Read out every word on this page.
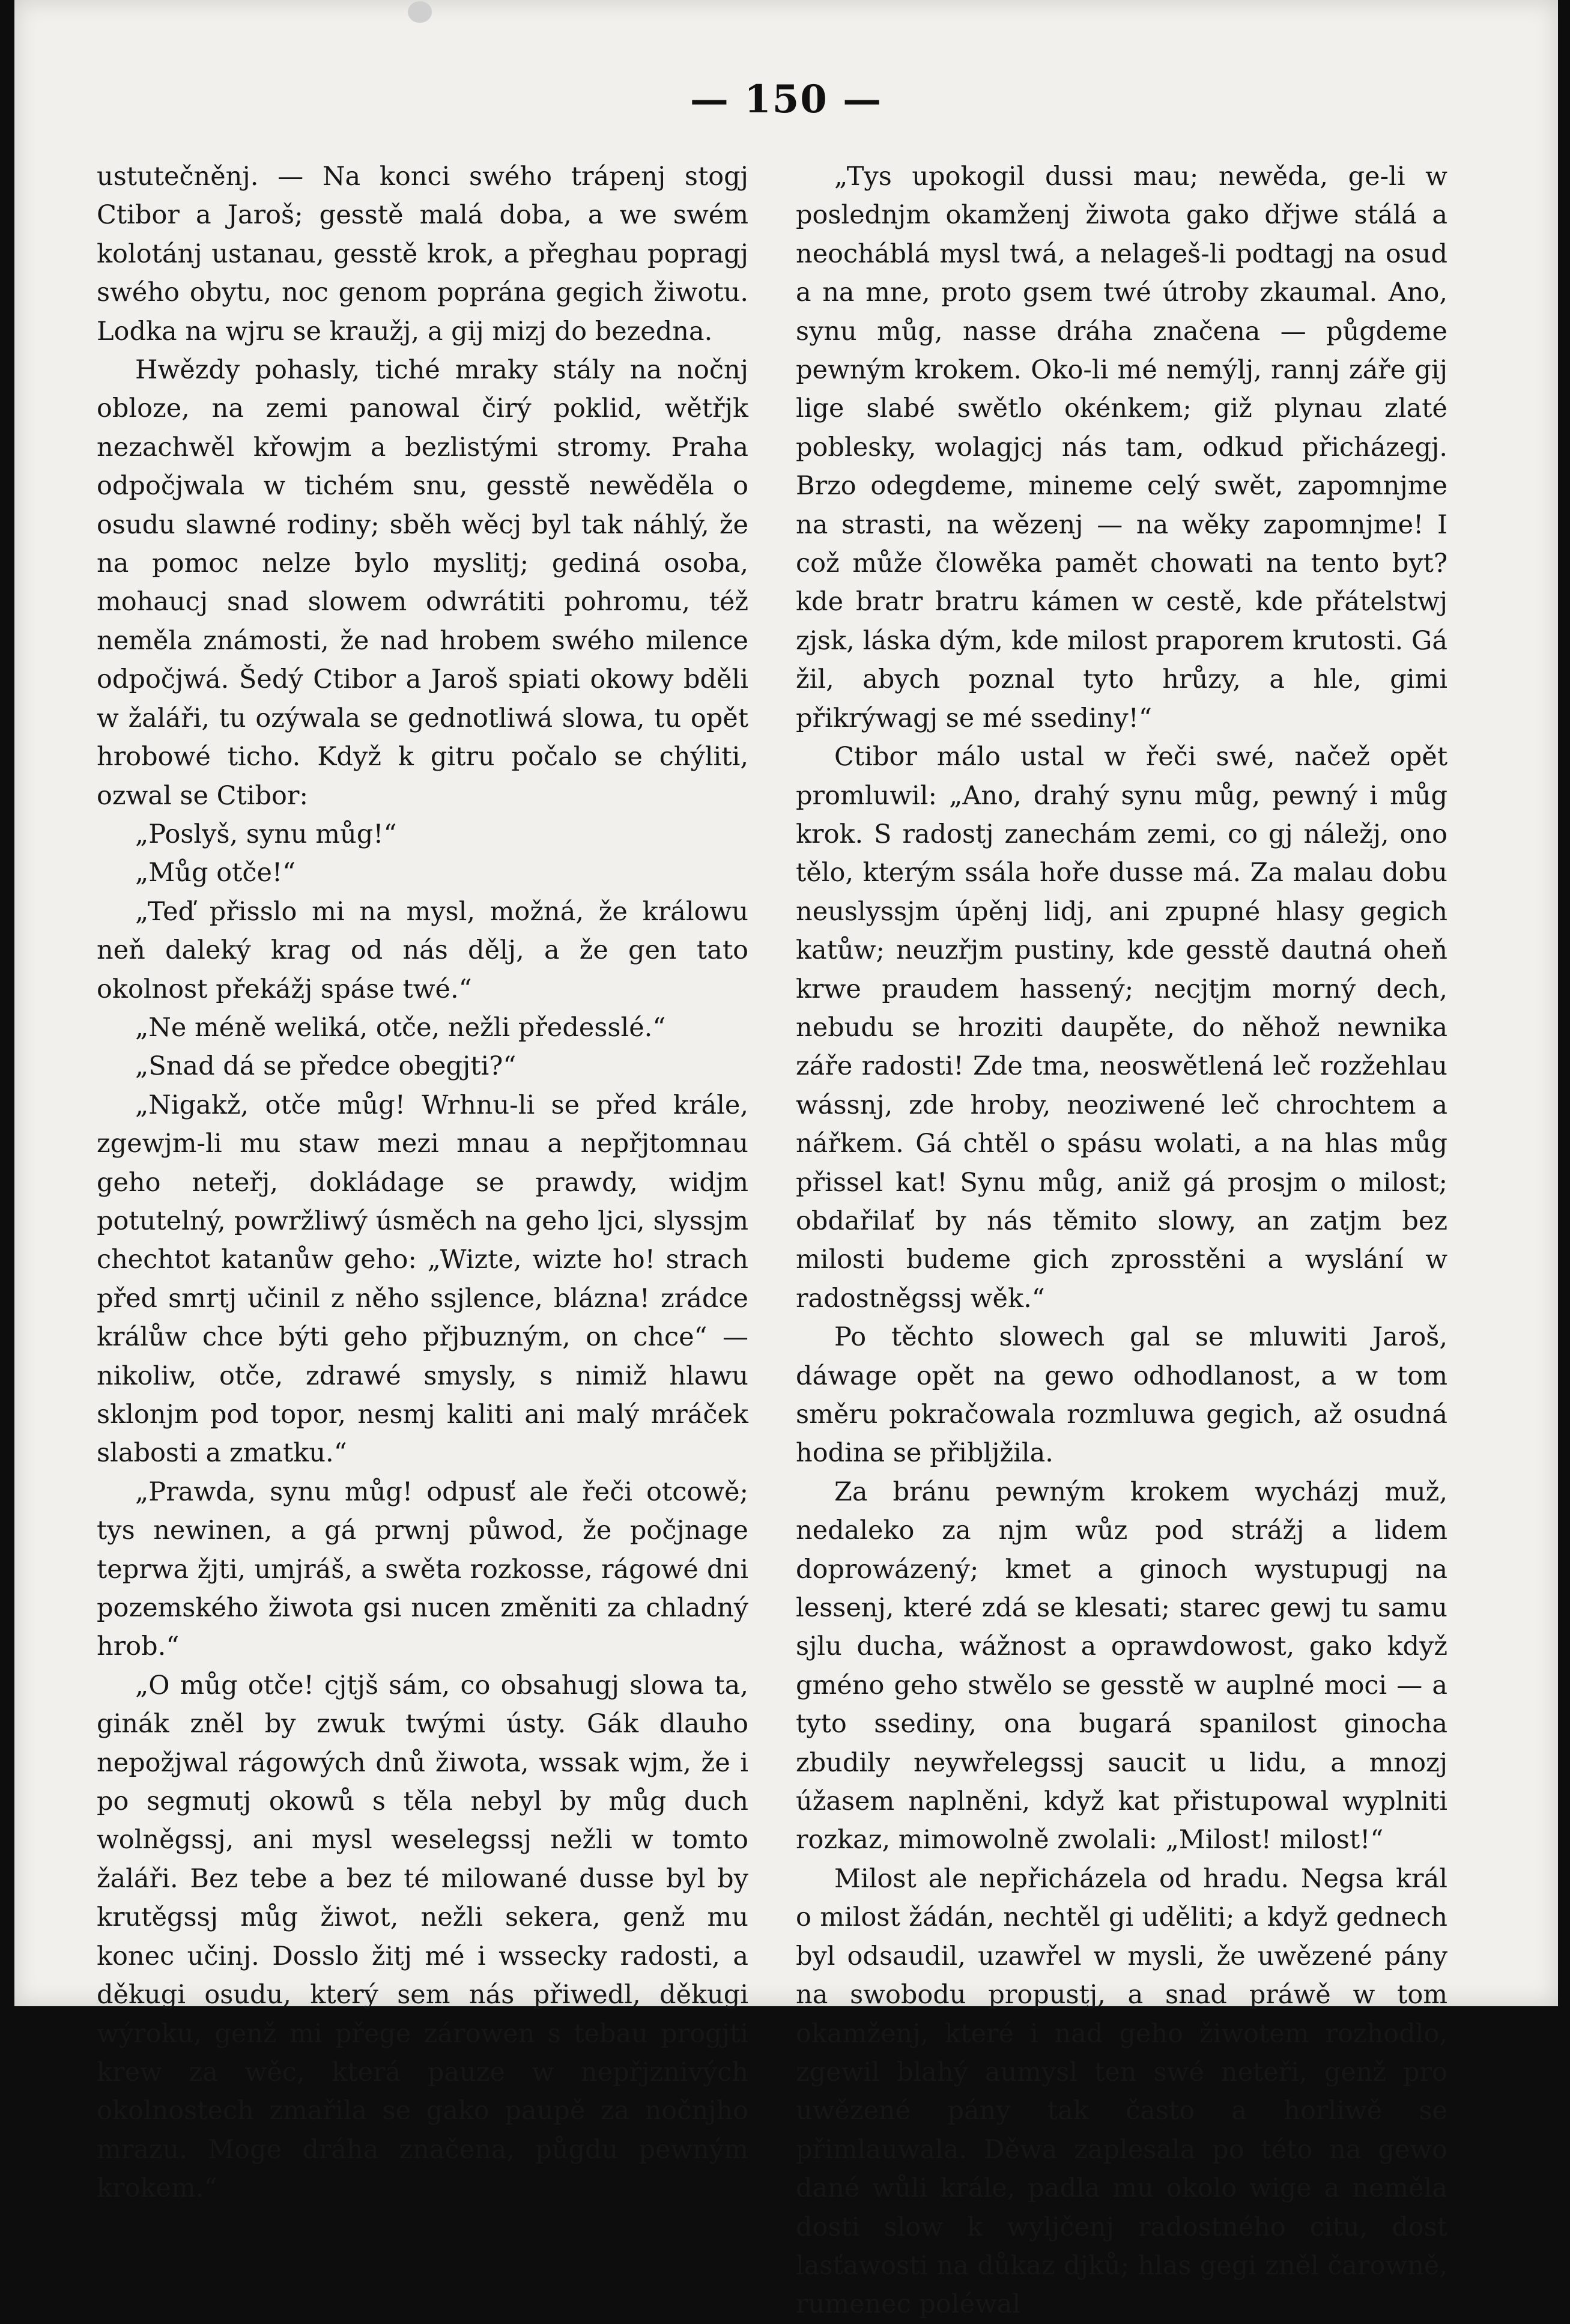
— 150 —

ustutečněnj. — Na konci swého trápenj stogj Ctibor a Jaroš; gesstě malá doba, a we swém kolotánj ustanau, gesstě krok, a přeghau popragj swého obytu, noc genom poprána gegich žiwotu. Lodka na wjru se kraužj, a gij mizj do bezedna.

Hwězdy pohasly, tiché mraky stály na nočnj obloze, na zemi panowal čirý poklid, wětřjk nezachwěl křowjm a bezlistými stromy. Praha odpočjwala w tichém snu, gesstě newěděla o osudu slawné rodiny; sběh wěcj byl tak náhlý, že na pomoc nelze bylo myslitj; gediná osoba, mohaucj snad slowem odwrátiti pohromu, též neměla známosti, že nad hrobem swého milence odpočjwá. Šedý Ctibor a Jaroš spiati okowy bděli w žaláři, tu ozýwala se gednotliwá slowa, tu opět hrobowé ticho. Když k gitru počalo se chýliti, ozwal se Ctibor:

„Poslyš, synu můg!“

„Můg otče!“

„Teď přisslo mi na mysl, možná, že králowu neň daleký krag od nás dělj, a že gen tato okolnost překážj spáse twé.“

„Ne méně weliká, otče, nežli předesslé.“

„Snad dá se předce obegjti?“

„Nigakž, otče můg! Wrhnu-li se před krále, zgewjm-li mu staw mezi mnau a nepřjtomnau geho neteřj, dokládage se prawdy, widjm potutelný, powržliwý úsměch na geho ljci, slyssjm chechtot katanůw geho: „Wizte, wizte ho! strach před smrtj učinil z něho ssjlence, blázna! zrádce králůw chce býti geho přjbuzným, on chce“ — nikoliw, otče, zdrawé smysly, s nimiž hlawu sklonjm pod topor, nesmj kaliti ani malý mráček slabosti a zmatku.“

„Prawda, synu můg! odpusť ale řeči otcowě; tys newinen, a gá prwnj půwod, že počjnage teprwa žjti, umjráš, a swěta rozkosse, rágowé dni pozemského žiwota gsi nucen změniti za chladný hrob.“

„O můg otče! cjtjš sám, co obsahugj slowa ta, ginák zněl by zwuk twými ústy. Gák dlauho nepožjwal rágowých dnů žiwota, wssak wjm, že i po segmutj okowů s těla nebyl by můg duch wolněgssj, ani mysl weselegssj nežli w tomto žaláři. Bez tebe a bez té milowané dusse byl by krutěgssj můg žiwot, nežli sekera, genž mu konec učinj. Dosslo žitj mé i wssecky radosti, a děkugi osudu, který sem nás přiwedl, děkugi wýroku, genž mi přege zárowen s tebau progjti krew za wěc, která pauze w nepřjznivých okolnostech zmařila se gako paupě za nočnjho mrazu. Moge dráha značena, půgdu pewným krokem.“

„Tys upokogil dussi mau; newěda, ge-li w poslednjm okamženj žiwota gako dřjwe stálá a neocháblá mysl twá, a nelageš-li podtagj na osud a na mne, proto gsem twé útroby zkaumal. Ano, synu můg, nasse dráha značena — půgdeme pewným krokem. Oko-li mé nemýlj, rannj záře gij lige slabé swětlo okénkem; giž plynau zlaté poblesky, wolagjcj nás tam, odkud přicházegj. Brzo odegdeme, mineme celý swět, zapomnjme na strasti, na wězenj — na wěky zapomnjme! I což může člowěka pamět chowati na tento byt? kde bratr bratru kámen w cestě, kde přátelstwj zjsk, láska dým, kde milost praporem krutosti. Gá žil, abych poznal tyto hrůzy, a hle, gimi přikrýwagj se mé ssediny!“

Ctibor málo ustal w řeči swé, načež opět promluwil: „Ano, drahý synu můg, pewný i můg krok. S radostj zanechám zemi, co gj náležj, ono tělo, kterým ssála hoře dusse má. Za malau dobu neuslyssjm úpěnj lidj, ani zpupné hlasy gegich katůw; neuzřjm pustiny, kde gesstě dautná oheň krwe praudem hassený; necjtjm morný dech, nebudu se hroziti daupěte, do něhož newnika záře radosti! Zde tma, neoswětlená leč rozžehlau wássnj, zde hroby, neoziwené leč chrochtem a nářkem. Gá chtěl o spásu wolati, a na hlas můg přissel kat! Synu můg, aniž gá prosjm o milost; obdařilať by nás těmito slowy, an zatjm bez milosti budeme gich zprosstěni a wyslání w radostněgssj wěk.“

Po těchto slowech gal se mluwiti Jaroš, dáwage opět na gewo odhodlanost, a w tom směru pokračowala rozmluwa gegich, až osudná hodina se přibljžila.

Za bránu pewným krokem wycházj muž, nedaleko za njm wůz pod strážj a lidem doprowázený; kmet a ginoch wystupugj na lessenj, které zdá se klesati; starec gewj tu samu sjlu ducha, wážnost a oprawdowost, gako když gméno geho stwělo se gesstě w auplné moci — a tyto ssediny, ona bugará spanilost ginocha zbudily neywřelegssj saucit u lidu, a mnozj úžasem naplněni, když kat přistupowal wyplniti rozkaz, mimowolně zwolali: „Milost! milost!“

Milost ale nepřicházela od hradu. Negsa král o milost žádán, nechtěl gi uděliti; a když gednech byl odsaudil, uzawřel w mysli, že uwězené pány na swobodu propustj, a snad práwě w tom okamženj, které i nad geho žiwotem rozhodlo, zgewil blahý aumysl ten swé neteři, genž pro uwězené pány tak často a horliwě se přimlauwala. Děwa zaplesala po této na gewo dané wůli krále, padla mu okolo wige a neměla dosti slow k wyljčenj radostného citu, dost lasťawosti na důkaz djků; hlas gegi zněl čarowně, rumenec poléwal
